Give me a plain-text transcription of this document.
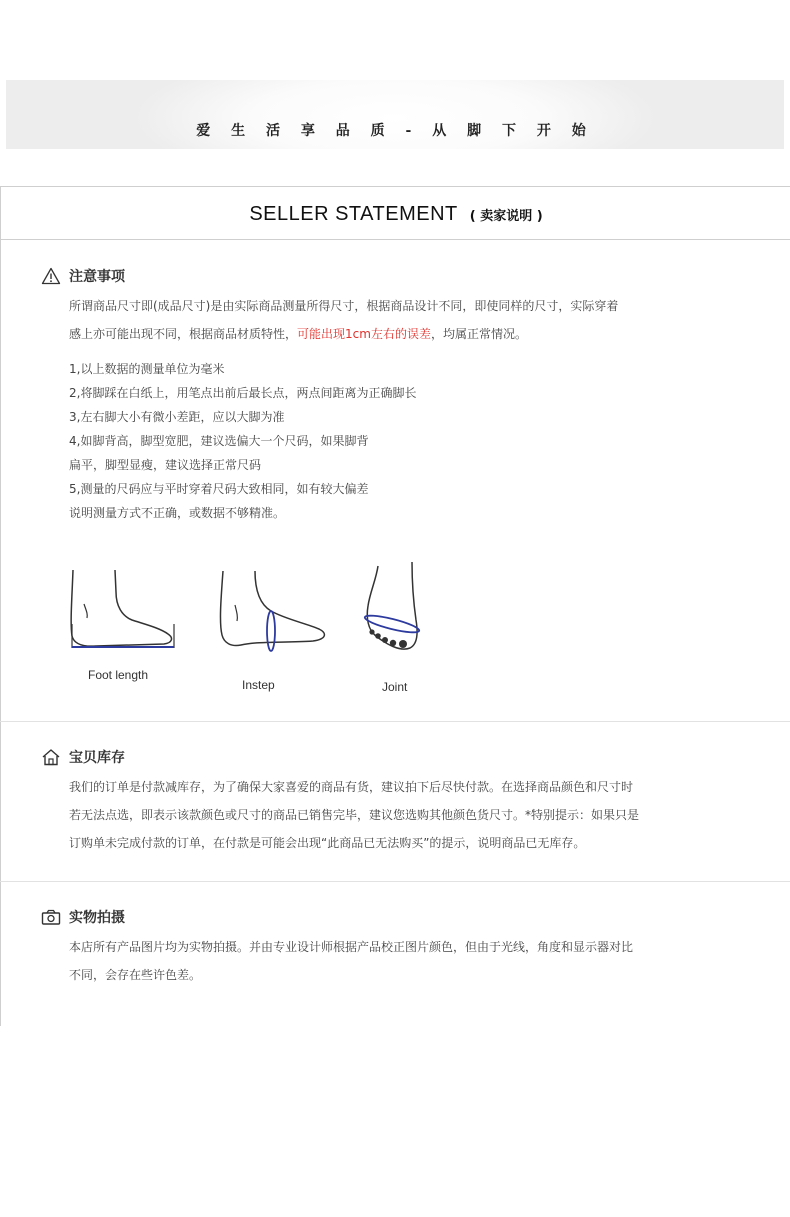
爱 生 活 享 品 质 - 从 脚 下 开 始
SELLER STATEMENT ( 卖家说明 )
注意事项
所谓商品尺寸即(成品尺寸)是由实际商品测量所得尺寸，根据商品设计不同，即使同样的尺寸，实际穿着
感上亦可能出现不同，根据商品材质特性，可能出现1cm左右的误差，均属正常情况。
1,以上数据的测量单位为毫米
2,将脚踩在白纸上，用笔点出前后最长点，两点间距离为正确脚长
3,左右脚大小有微小差距，应以大脚为准
4,如脚背高，脚型宽肥，建议选偏大一个尺码，如果脚背
扁平，脚型显瘦，建议选择正常尺码
5,测量的尺码应与平时穿着尺码大致相同，如有较大偏差
说明测量方式不正确，或数据不够精准。
Foot length
Instep	Joint
宝贝库存
我们的订单是付款减库存，为了确保大家喜爱的商品有货，建议拍下后尽快付款。在选择商品颜色和尺寸时
若无法点选，即表示该款颜色或尺寸的商品已销售完毕，建议您选购其他颜色货尺寸。*特别提示：如果只是
订购单未完成付款的订单，在付款是可能会出现“此商品已无法购买”的提示，说明商品已无库存。
实物拍摄
本店所有产品图片均为实物拍摄。并由专业设计师根据产品校正图片颜色，但由于光线，角度和显示器对比
不同，会存在些许色差。
